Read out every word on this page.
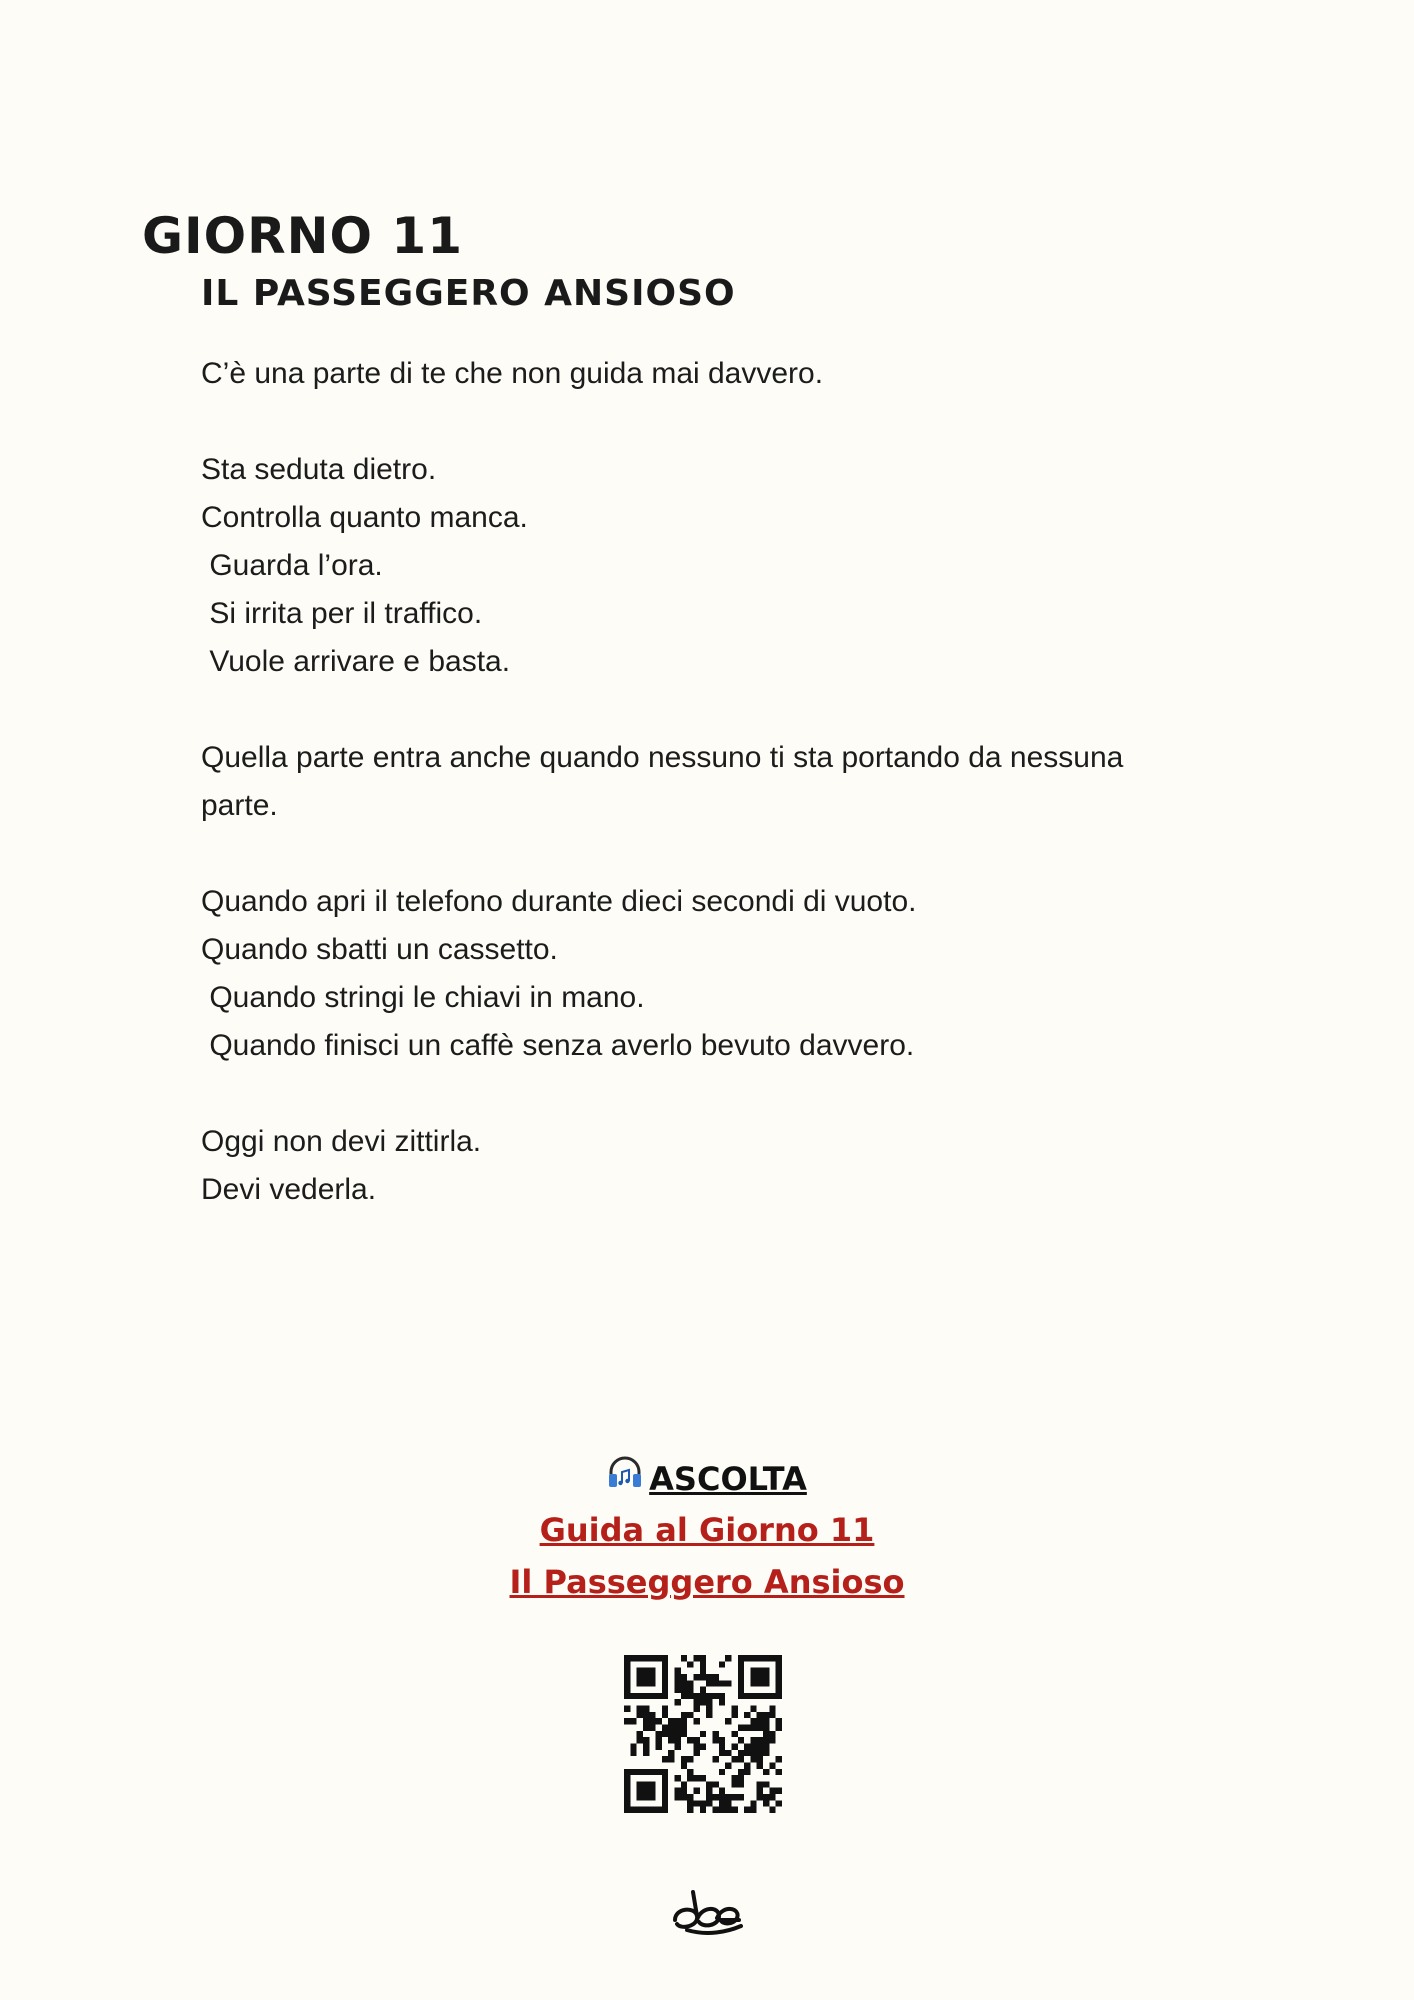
GIORNO 11
IL PASSEGGERO ANSIOSO

C’è una parte di te che non guida mai davvero.

Sta seduta dietro.
Controlla quanto manca.
Guarda l’ora.
Si irrita per il traffico.
Vuole arrivare e basta.

Quella parte entra anche quando nessuno ti sta portando da nessuna
parte.

Quando apri il telefono durante dieci secondi di vuoto.
Quando sbatti un cassetto.
Quando stringi le chiavi in mano.
Quando finisci un caffè senza averlo bevuto davvero.

Oggi non devi zittirla.
Devi vederla.

ASCOLTA
Guida al Giorno 11
Il Passeggero Ansioso
